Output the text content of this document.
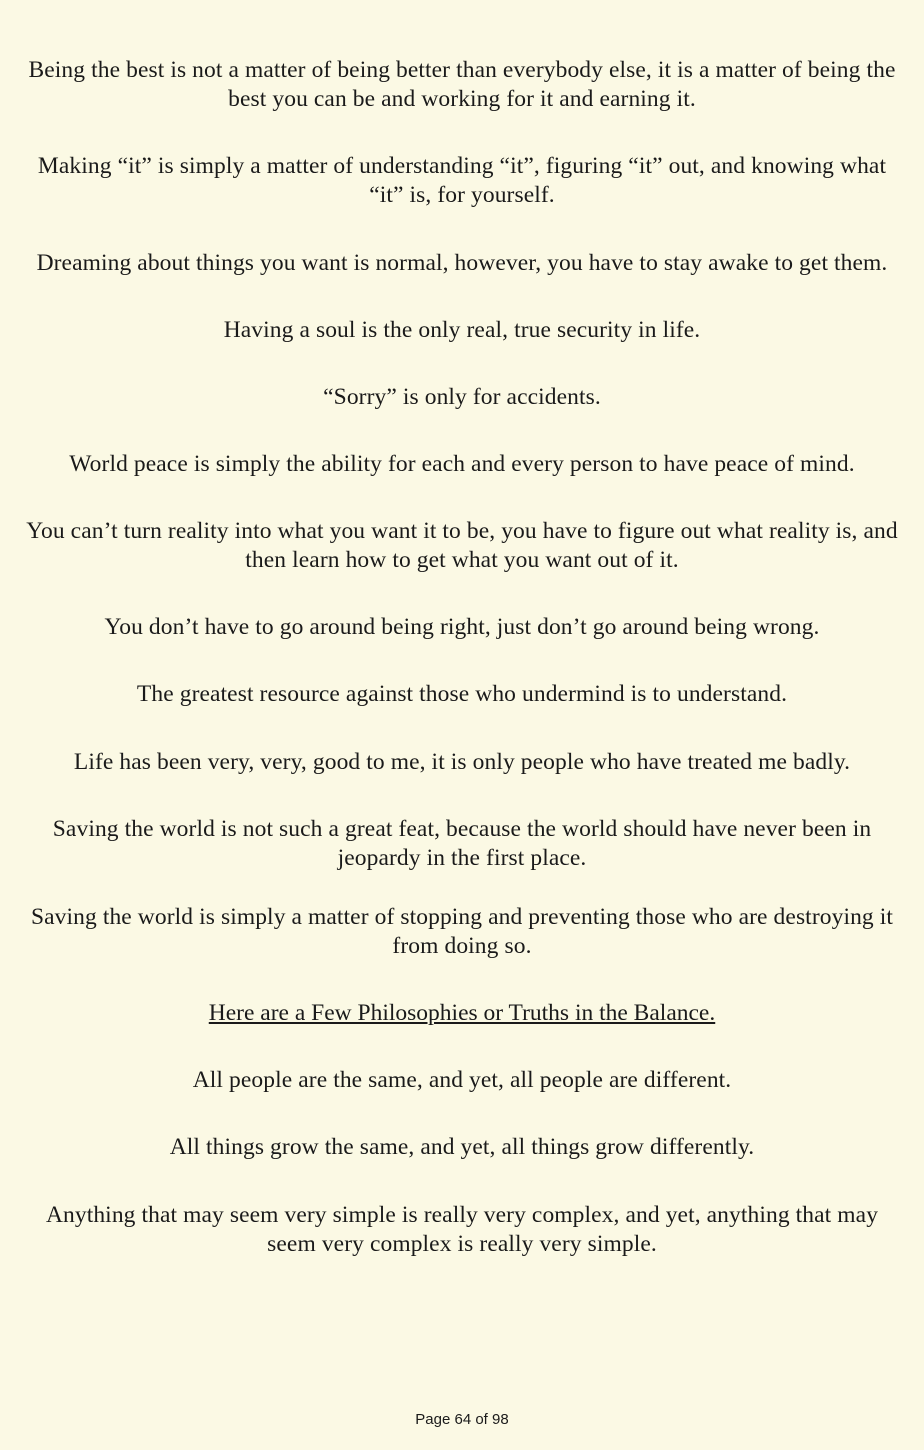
Being the best is not a matter of being better than everybody else, it is a matter of being the best you can be and working for it and earning it.

Making “it” is simply a matter of understanding “it”, figuring “it” out, and knowing what “it” is, for yourself.

Dreaming about things you want is normal, however, you have to stay awake to get them.

Having a soul is the only real, true security in life.

“Sorry” is only for accidents.

World peace is simply the ability for each and every person to have peace of mind.

You can’t turn reality into what you want it to be, you have to figure out what reality is, and then learn how to get what you want out of it.

You don’t have to go around being right, just don’t go around being wrong.

The greatest resource against those who undermind is to understand.

Life has been very, very, good to me, it is only people who have treated me badly.

Saving the world is not such a great feat, because the world should have never been in jeopardy in the first place.

Saving the world is simply a matter of stopping and preventing those who are destroying it from doing so.

Here are a Few Philosophies or Truths in the Balance.

All people are the same, and yet, all people are different.

All things grow the same, and yet, all things grow differently.

Anything that may seem very simple is really very complex, and yet, anything that may seem very complex is really very simple.

Page 64 of 98
